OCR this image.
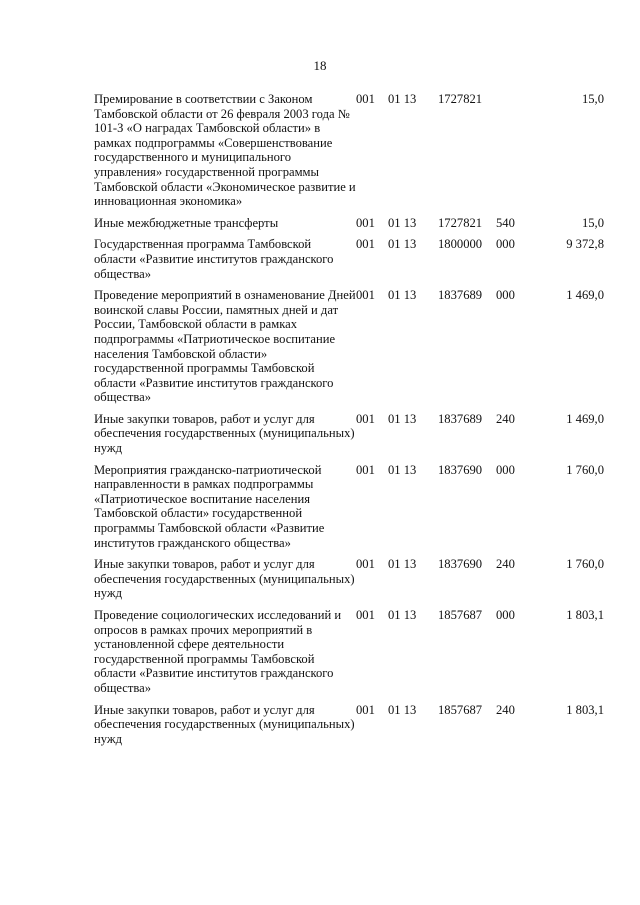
18
Премирование в соответствии с Законом Тамбовской области от 26 февраля 2003 года № 101-З «О наградах Тамбовской области» в рамках подпрограммы «Совершенствование государственного и муниципального управления» государственной программы Тамбовской области «Экономическое развитие и инновационная экономика»	001	01 13	1727821		15,0
Иные межбюджетные трансферты	001	01 13	1727821	540	15,0
Государственная программа Тамбовской области «Развитие институтов гражданского общества»	001	01 13	1800000	000	9 372,8
Проведение мероприятий в ознаменование Дней воинской славы России, памятных дней и дат России, Тамбовской области в рамках подпрограммы «Патриотическое воспитание населения Тамбовской области» государственной программы Тамбовской области «Развитие институтов гражданского общества»	001	01 13	1837689	000	1 469,0
Иные закупки товаров, работ и услуг для обеспечения государственных (муниципальных) нужд	001	01 13	1837689	240	1 469,0
Мероприятия гражданско-патриотической направленности в рамках подпрограммы «Патриотическое воспитание населения Тамбовской области» государственной программы Тамбовской области «Развитие институтов гражданского общества»	001	01 13	1837690	000	1 760,0
Иные закупки товаров, работ и услуг для обеспечения государственных (муниципальных) нужд	001	01 13	1837690	240	1 760,0
Проведение социологических исследований и опросов в рамках прочих мероприятий в установленной сфере деятельности государственной программы Тамбовской области «Развитие институтов гражданского общества»	001	01 13	1857687	000	1 803,1
Иные закупки товаров, работ и услуг для обеспечения государственных (муниципальных) нужд	001	01 13	1857687	240	1 803,1
